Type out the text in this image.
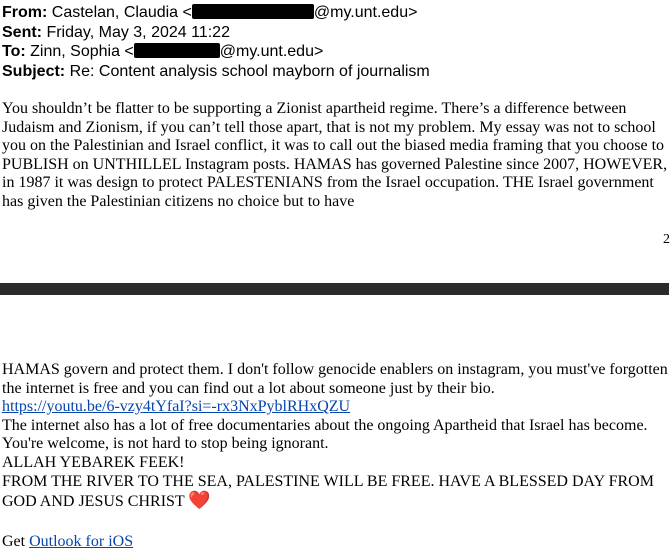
From: Castelan, Claudia <	@my.unt.edu>
Sent: Friday, May 3, 2024 11:22
To: Zinn, Sophia <	@my.unt.edu>
Subject: Re: Content analysis school mayborn of journalism
You shouldn’t be flatter to be supporting a Zionist apartheid regime. There’s a difference between Judaism and Zionism, if you can’t tell those apart, that is not my problem. My essay was not to school you on the Palestinian and Israel conflict, it was to call out the biased media framing that you choose to PUBLISH on UNTHILLEL Instagram posts. HAMAS has governed Palestine since 2007, HOWEVER, in 1987 it was design to protect PALESTENIANS from the Israel occupation. THE Israel government has given the Palestinian citizens no choice but to have
2

HAMAS govern and protect them. I don't follow genocide enablers on instagram, you must've forgotten the internet is free and you can find out a lot about someone just by their bio.

https://youtu.be/6-vzy4tYfaI?si=-rx3NxPyblRHxQZU

The internet also has a lot of free documentaries about the ongoing Apartheid that Israel has become. You're welcome, is not hard to stop being ignorant.

ALLAH YEBAREK FEEK!

FROM THE RIVER TO THE SEA, PALESTINE WILL BE FREE. HAVE A BLESSED DAY FROM GOD AND JESUS CHRIST ❤️

Get Outlook for iOS
